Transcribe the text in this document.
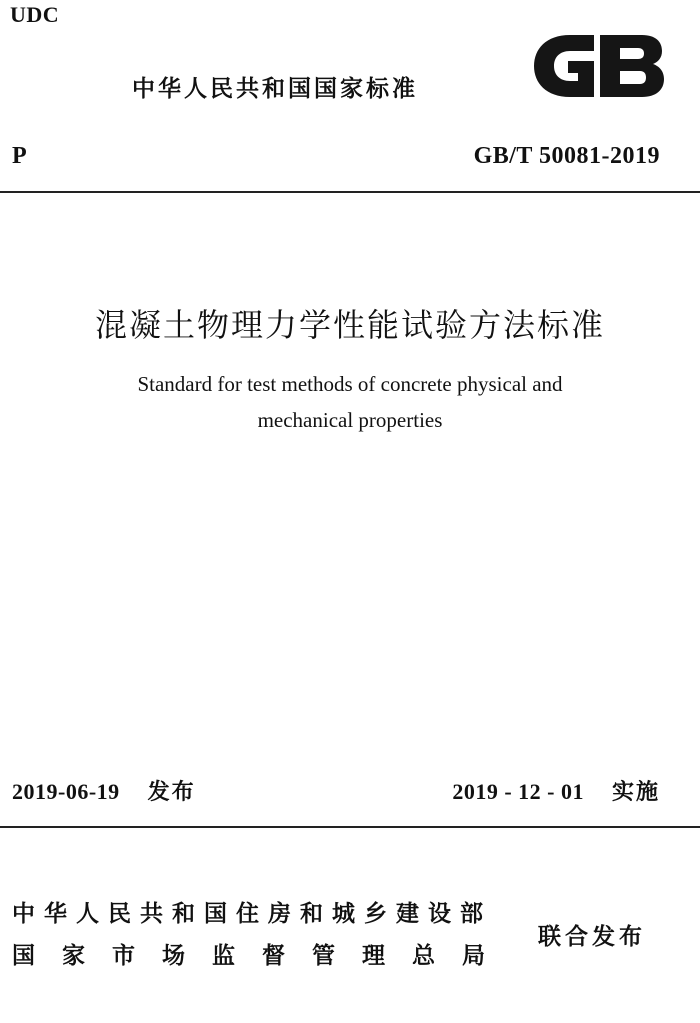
UDC
中华人民共和国国家标准
P	GB/T 50081-2019
混凝土物理力学性能试验方法标准
Standard for test methods of concrete physical and
mechanical properties
2019-06-19 发布	2019 - 12 - 01 实施
中华人民共和国住房和城乡建设部
国家市场监督管理总局
联合发布
